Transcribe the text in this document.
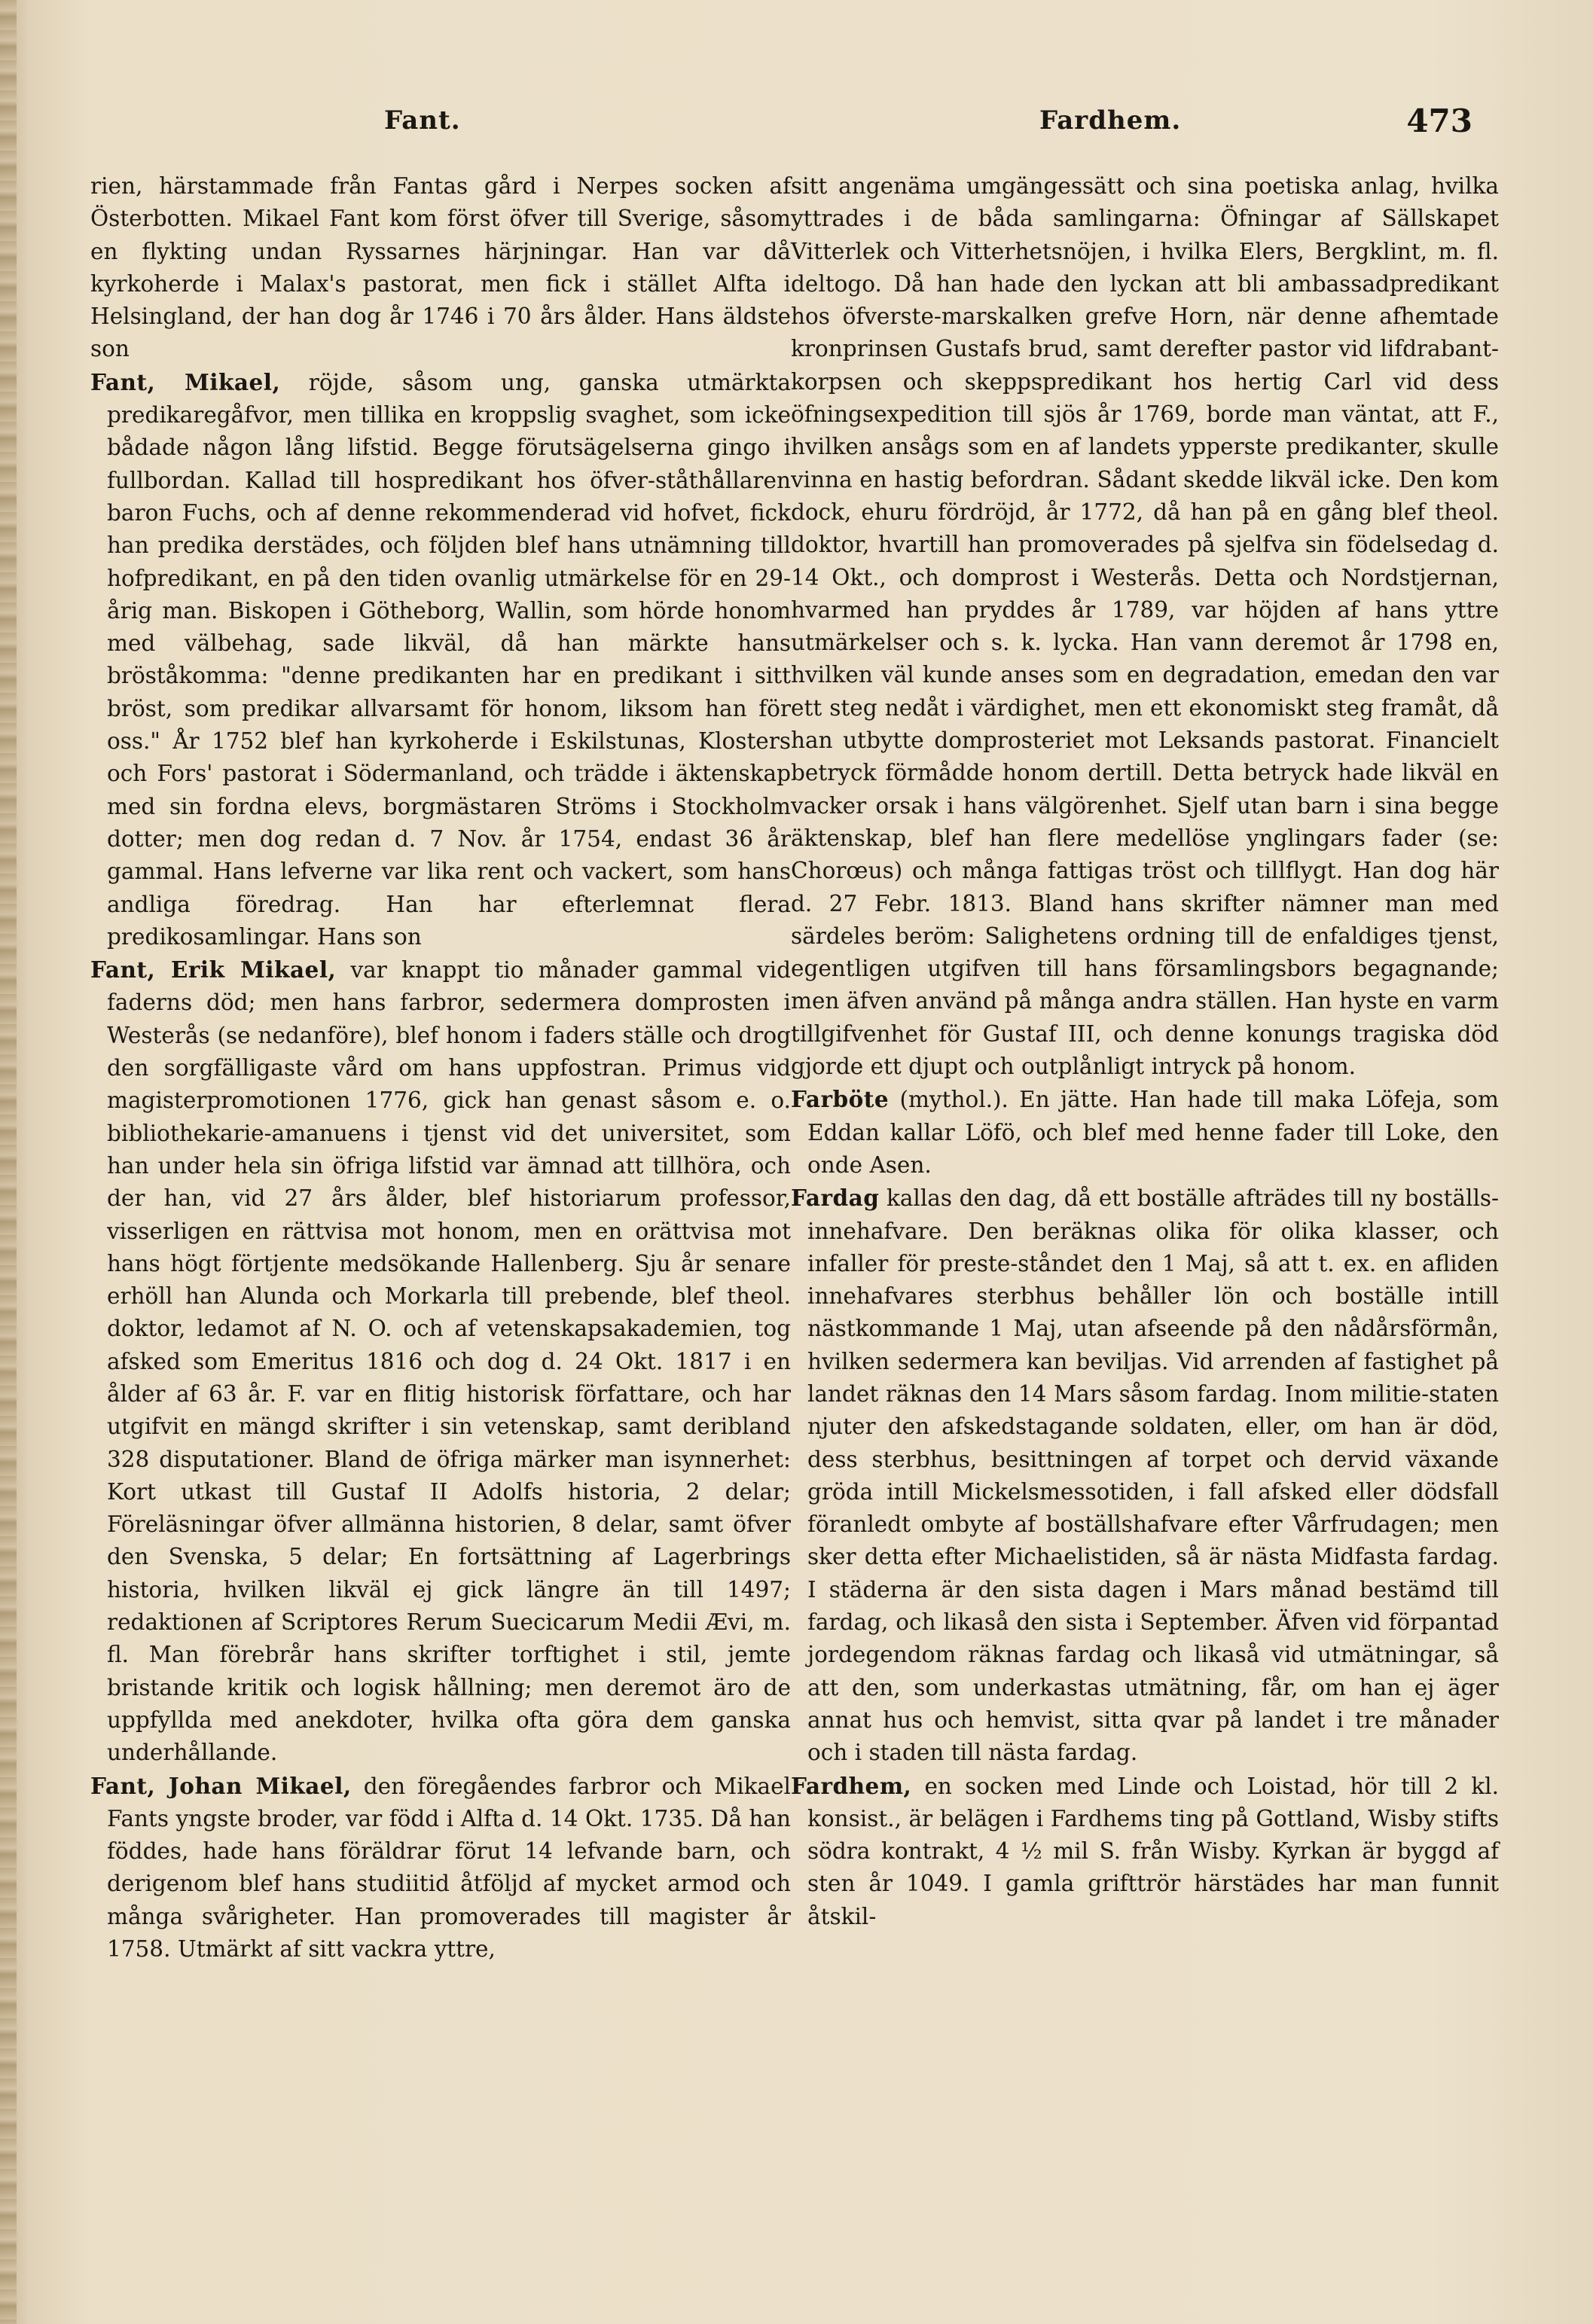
Fant.	Fardhem.	473

rien, härstammade från Fantas gård i Nerpes socken af Österbotten. Mikael Fant kom först öfver till Sverige, såsom en flykting undan Ryssarnes härjningar. Han var då kyrkoherde i Malax's pastorat, men fick i stället Alfta i Helsingland, der han dog år 1746 i 70 års ålder. Hans äldste son

Fant, Mikael, röjde, såsom ung, ganska utmärkta predikaregåfvor, men tillika en kroppslig svaghet, som icke bådade någon lång lifstid. Begge förutsägelserna gingo i fullbordan. Kallad till hospredikant hos öfver-ståthållaren baron Fuchs, och af denne rekommenderad vid hofvet, fick han predika derstädes, och följden blef hans utnämning till hofpredikant, en på den tiden ovanlig utmärkelse för en 29-årig man. Biskopen i Götheborg, Wallin, som hörde honom med välbehag, sade likväl, då han märkte hans bröståkomma: "denne predikanten har en predikant i sitt bröst, som predikar allvarsamt för honom, liksom han för oss." År 1752 blef han kyrkoherde i Eskilstunas, Klosters och Fors' pastorat i Södermanland, och trädde i äktenskap med sin fordna elevs, borgmästaren Ströms i Stockholm dotter; men dog redan d. 7 Nov. år 1754, endast 36 år gammal. Hans lefverne var lika rent och vackert, som hans andliga föredrag. Han har efterlemnat flera predikosamlingar. Hans son

Fant, Erik Mikael, var knappt tio månader gammal vid faderns död; men hans farbror, sedermera domprosten i Westerås (se nedanföre), blef honom i faders ställe och drog den sorgfälligaste vård om hans uppfostran. Primus vid magisterpromotionen 1776, gick han genast såsom e. o. bibliothekarie-amanuens i tjenst vid det universitet, som han under hela sin öfriga lifstid var ämnad att tillhöra, och der han, vid 27 års ålder, blef historiarum professor, visserligen en rättvisa mot honom, men en orättvisa mot hans högt förtjente medsökande Hallenberg. Sju år senare erhöll han Alunda och Morkarla till prebende, blef theol. doktor, ledamot af N. O. och af vetenskapsakademien, tog afsked som Emeritus 1816 och dog d. 24 Okt. 1817 i en ålder af 63 år. F. var en flitig historisk författare, och har utgifvit en mängd skrifter i sin vetenskap, samt deribland 328 disputationer. Bland de öfriga märker man isynnerhet: Kort utkast till Gustaf II Adolfs historia, 2 delar; Föreläsningar öfver allmänna historien, 8 delar, samt öfver den Svenska, 5 delar; En fortsättning af Lagerbrings historia, hvilken likväl ej gick längre än till 1497; redaktionen af Scriptores Rerum Suecicarum Medii Ævi, m. fl. Man förebrår hans skrifter torftighet i stil, jemte bristande kritik och logisk hållning; men deremot äro de uppfyllda med anekdoter, hvilka ofta göra dem ganska underhållande.

Fant, Johan Mikael, den föregåendes farbror och Mikael Fants yngste broder, var född i Alfta d. 14 Okt. 1735. Då han föddes, hade hans föräldrar förut 14 lefvande barn, och derigenom blef hans studiitid åtföljd af mycket armod och många svårigheter. Han promoverades till magister år 1758. Utmärkt af sitt vackra yttre,

sitt angenäma umgängessätt och sina poetiska anlag, hvilka yttrades i de båda samlingarna: Öfningar af Sällskapet Vitterlek och Vitterhetsnöjen, i hvilka Elers, Bergklint, m. fl. deltogo. Då han hade den lyckan att bli ambassadpredikant hos öfverste-marskalken grefve Horn, när denne afhemtade kronprinsen Gustafs brud, samt derefter pastor vid lifdrabant-korpsen och skeppspredikant hos hertig Carl vid dess öfningsexpedition till sjös år 1769, borde man väntat, att F., hvilken ansågs som en af landets ypperste predikanter, skulle vinna en hastig befordran. Sådant skedde likväl icke. Den kom dock, ehuru fördröjd, år 1772, då han på en gång blef theol. doktor, hvartill han promoverades på sjelfva sin födelsedag d. 14 Okt., och domprost i Westerås. Detta och Nordstjernan, hvarmed han pryddes år 1789, var höjden af hans yttre utmärkelser och s. k. lycka. Han vann deremot år 1798 en, hvilken väl kunde anses som en degradation, emedan den var ett steg nedåt i värdighet, men ett ekonomiskt steg framåt, då han utbytte domprosteriet mot Leksands pastorat. Financielt betryck förmådde honom dertill. Detta betryck hade likväl en vacker orsak i hans välgörenhet. Sjelf utan barn i sina begge äktenskap, blef han flere medellöse ynglingars fader (se: Chorœus) och många fattigas tröst och tillflygt. Han dog här d. 27 Febr. 1813. Bland hans skrifter nämner man med särdeles beröm: Salighetens ordning till de enfaldiges tjenst, egentligen utgifven till hans församlingsbors begagnande; men äfven använd på många andra ställen. Han hyste en varm tillgifvenhet för Gustaf III, och denne konungs tragiska död gjorde ett djupt och outplånligt intryck på honom.

Farböte (mythol.). En jätte. Han hade till maka Löfeja, som Eddan kallar Löfö, och blef med henne fader till Loke, den onde Asen.

Fardag kallas den dag, då ett boställe afträdes till ny boställs-innehafvare. Den beräknas olika för olika klasser, och infaller för preste-ståndet den 1 Maj, så att t. ex. en afliden innehafvares sterbhus behåller lön och boställe intill nästkommande 1 Maj, utan afseende på den nådårsförmån, hvilken sedermera kan beviljas. Vid arrenden af fastighet på landet räknas den 14 Mars såsom fardag. Inom militie-staten njuter den afskedstagande soldaten, eller, om han är död, dess sterbhus, besittningen af torpet och dervid växande gröda intill Mickelsmessotiden, i fall afsked eller dödsfall föranledt ombyte af boställshafvare efter Vårfrudagen; men sker detta efter Michaelistiden, så är nästa Midfasta fardag. I städerna är den sista dagen i Mars månad bestämd till fardag, och likaså den sista i September. Äfven vid förpantad jordegendom räknas fardag och likaså vid utmätningar, så att den, som underkastas utmätning, får, om han ej äger annat hus och hemvist, sitta qvar på landet i tre månader och i staden till nästa fardag.

Fardhem, en socken med Linde och Loistad, hör till 2 kl. konsist., är belägen i Fardhems ting på Gottland, Wisby stifts södra kontrakt, 4 ½ mil S. från Wisby. Kyrkan är byggd af sten år 1049. I gamla grifttrör härstädes har man funnit åtskil-
